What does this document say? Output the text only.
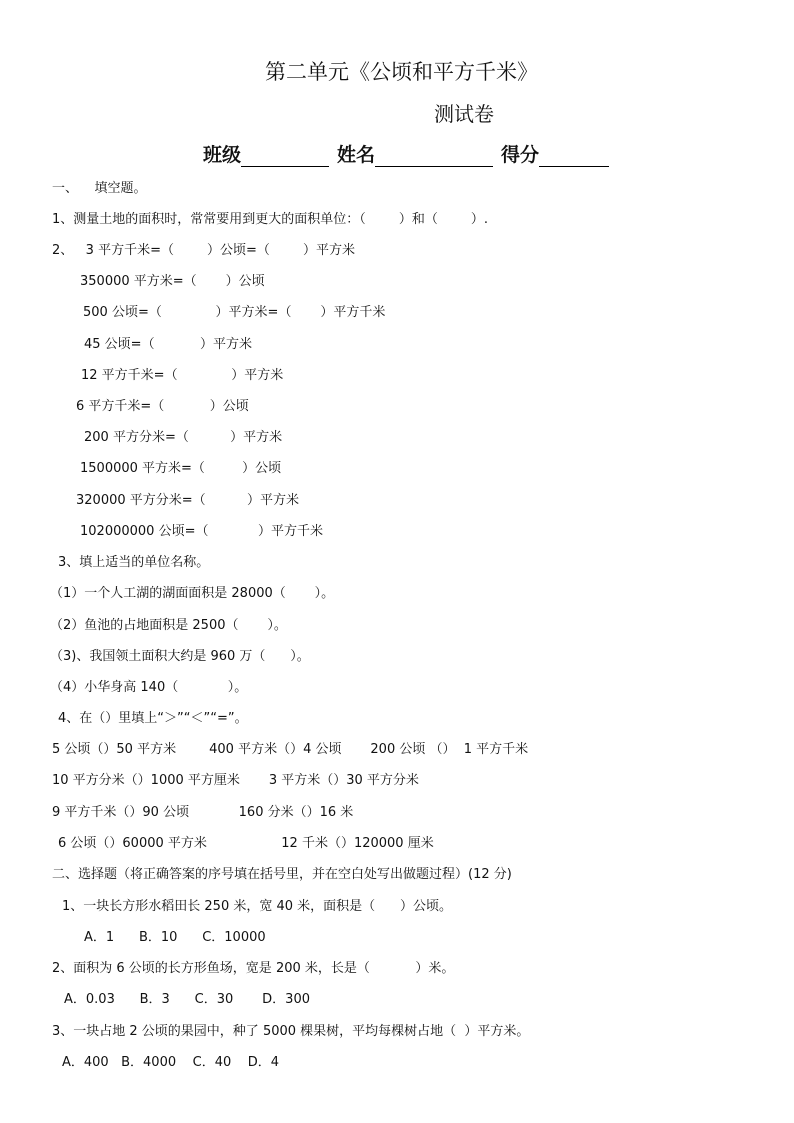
第二单元《公顷和平方千米》
测试卷
班级	姓名	得分
一、    填空题。
1、测量土地的面积时，常常要用到更大的面积单位：（        ）和（        ）.
2、   3 平方千米=（        ）公顷=（        ）平方米
350000 平方米=（       ）公顷
500 公顷=（             ）平方米=（       ）平方千米
45 公顷=（           ）平方米
12 平方千米=（             ）平方米
6 平方千米=（           ）公顷
200 平方分米=（          ）平方米
1500000 平方米=（         ）公顷
320000 平方分米=（          ）平方米
102000000 公顷=（            ）平方千米
3、填上适当的单位名称。
（1）一个人工湖的湖面面积是 28000（       ）。
（2）鱼池的占地面积是 2500（       ）。
（3)、我国领土面积大约是 960 万（      ）。
（4）小华身高 140（            ）。
4、在（）里填上“＞”“＜”“=”。
5 公顷（）50 平方米        400 平方米（）4 公顷       200 公顷 （）  1 平方千米
10 平方分米（）1000 平方厘米       3 平方米（）30 平方分米
9 平方千米（）90 公顷            160 分米（）16 米
6 公顷（）60000 平方米                  12 千米（）120000 厘米
二、选择题（将正确答案的序号填在括号里，并在空白处写出做题过程）(12 分)
1、一块长方形水稻田长 250 米，宽 40 米，面积是（      ）公顷。
A．1      B．10      C．10000
2、面积为 6 公顷的长方形鱼场，宽是 200 米，长是（           ）米。
A．0.03      B．3      C．30       D．300
3、一块占地 2 公顷的果园中，种了 5000 棵果树，平均每棵树占地（  ）平方米。
A．400   B．4000    C．40    D．4
